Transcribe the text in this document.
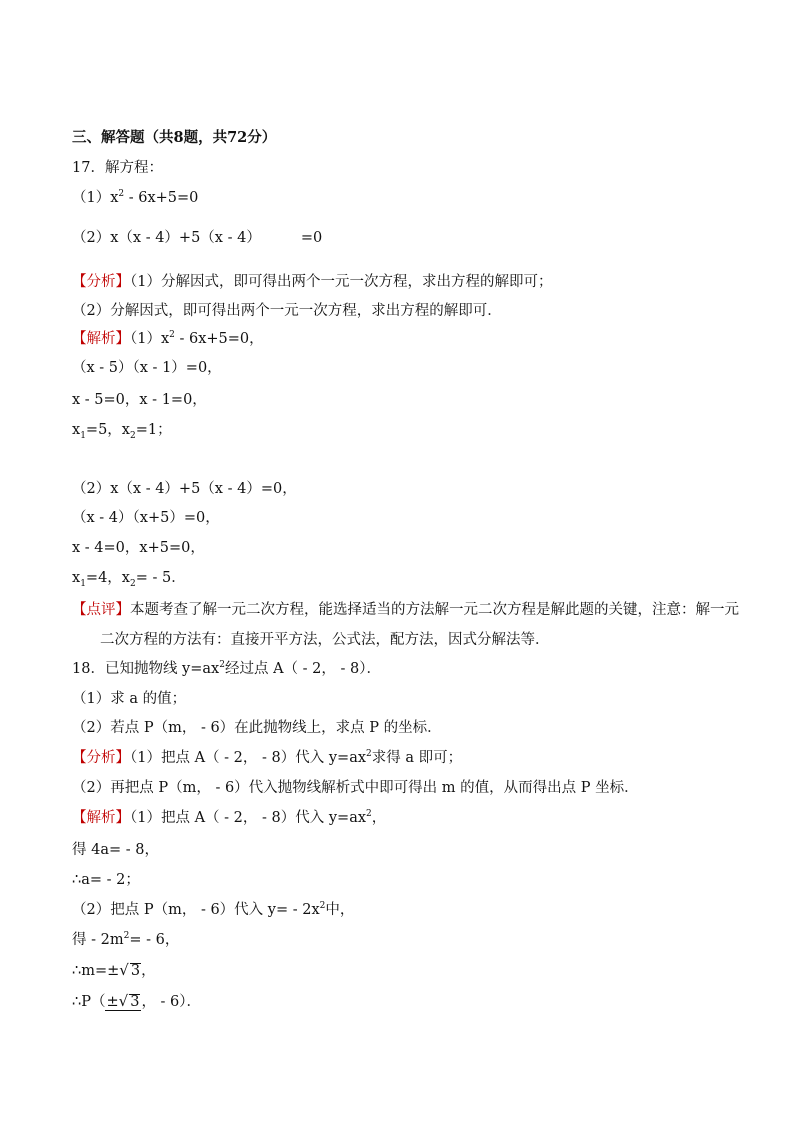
三、解答题（共8题，共72分）
17．解方程：
$(1)x^2 - 6x+5=0$
（2）x（x - 4）+5（x - 4）	=0
【分析】（1）分解因式，即可得出两个一元一次方程，求出方程的解即可；
（2）分解因式，即可得出两个一元一次方程，求出方程的解即可．
【解析】$(1)x^2 - 6x+5=0$，
（x - 5）（x - 1）=0，
x - 5=0，x - 1=0，
$x_1=5$，$x_2=1$；
（2）x（x - 4）+5（x - 4）=0，
（x - 4）（x+5）=0，
x - 4=0，x+5=0，
$x_1=4$，$x_2= - 5$．
【点评】本题考查了解一元二次方程，能选择适当的方法解一元二次方程是解此题的关键，注意：解一元
二次方程的方法有：直接开平方法，公式法，配方法，因式分解法等．
18．已知抛物线 $y=ax^2$经过点 A（ - 2， - 8）．
（1）求 a 的值；
（2）若点 P（m， - 6）在此抛物线上，求点 P 的坐标．
【分析】（1）把点 A（ - 2， - 8）代入 $y=ax^2$求得 a 即可；
（2）再把点 P（m， - 6）代入抛物线解析式中即可得出 m 的值，从而得出点 P 坐标．
【解析】（1）把点 A（ - 2， - 8）代入 $y=ax^2$，
得 4a= - 8，
∴a= - 2；
（2）把点 P（m， - 6）代入 $y= - 2x^2$中，
得 - $2m^2= - 6$，
∴m=±√ 3，
∴P（±√ 3 ， - 6）．
